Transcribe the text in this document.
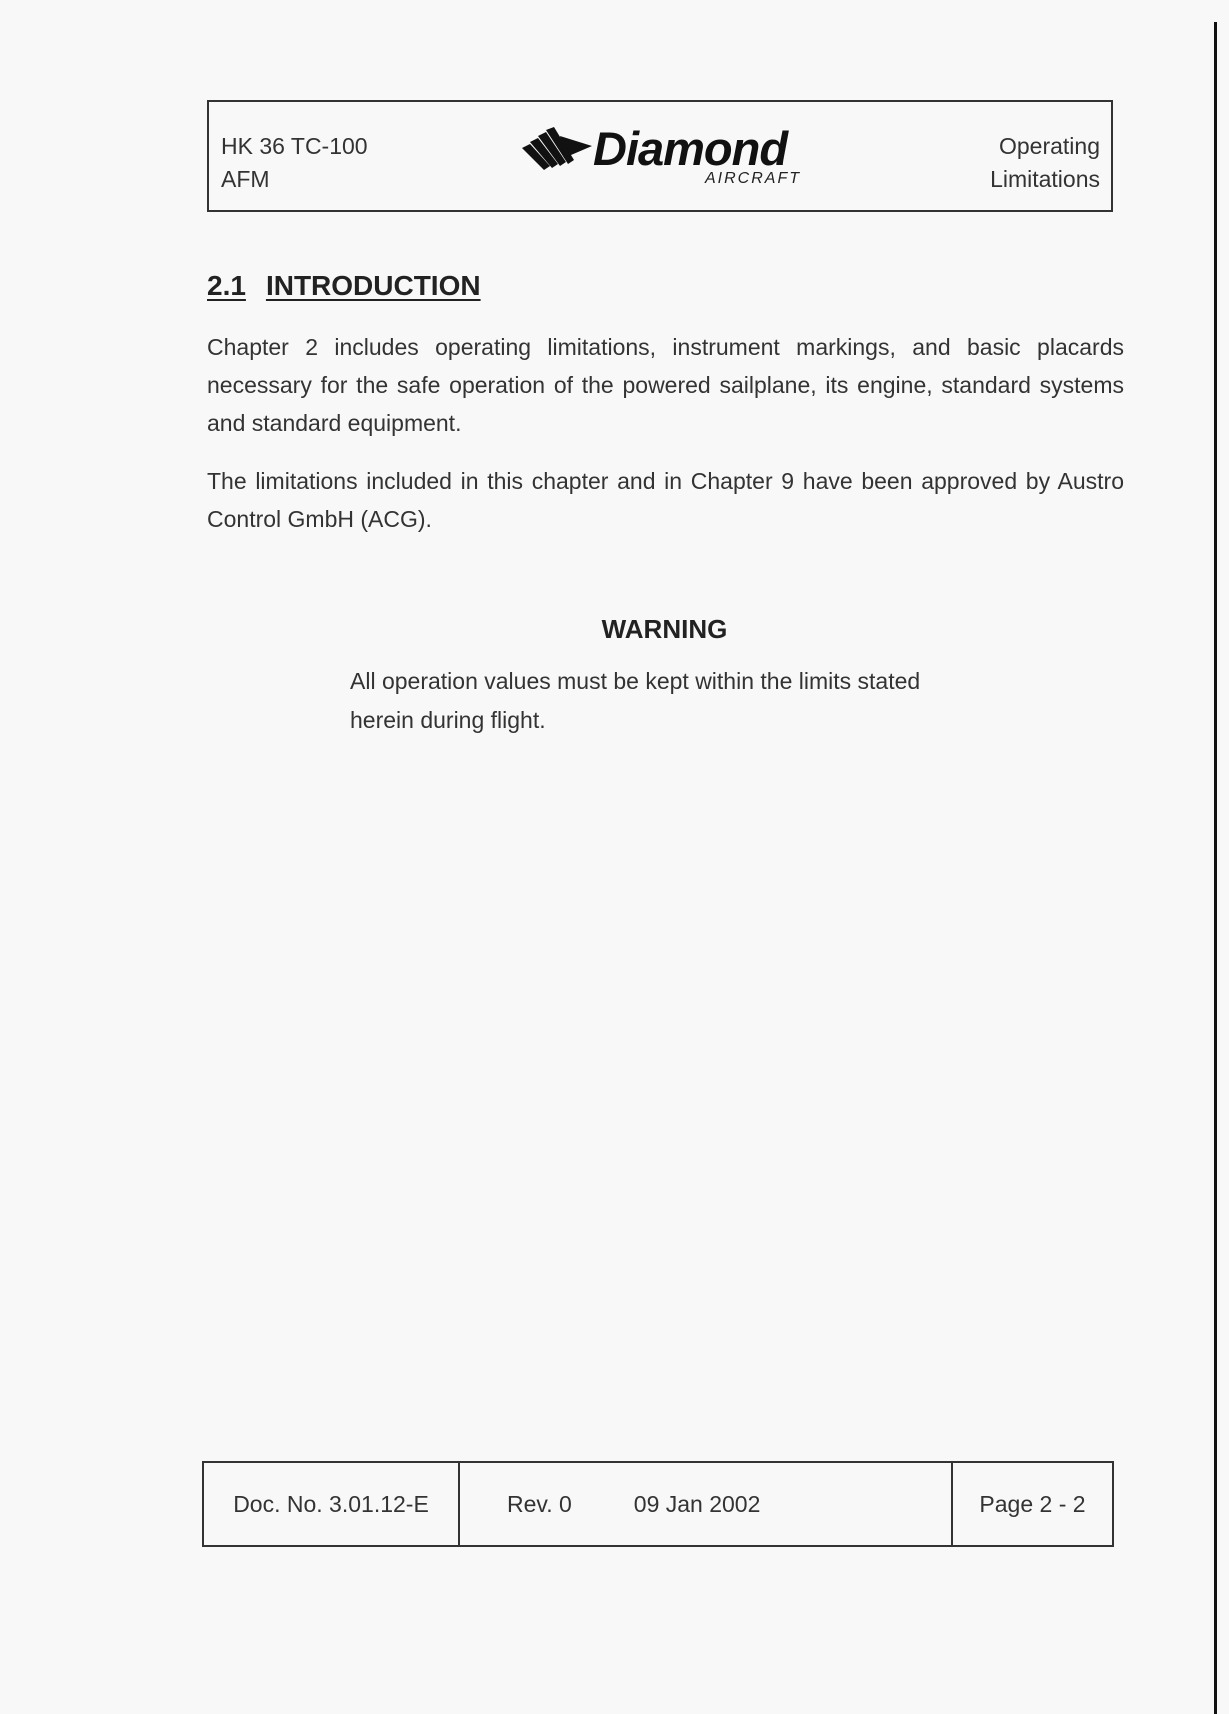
HK 36 TC-100
AFM
Diamond
AIRCRAFT
Operating
Limitations
2.1 INTRODUCTION

Chapter 2 includes operating limitations, instrument markings, and basic placards necessary for the safe operation of the powered sailplane, its engine, standard systems and standard equipment.

The limitations included in this chapter and in Chapter 9 have been approved by Austro Control GmbH (ACG).

WARNING

All operation values must be kept within the limits stated
herein during flight.

Doc. No. 3.01.12-E	Rev. 0	09 Jan 2002	Page 2 - 2
